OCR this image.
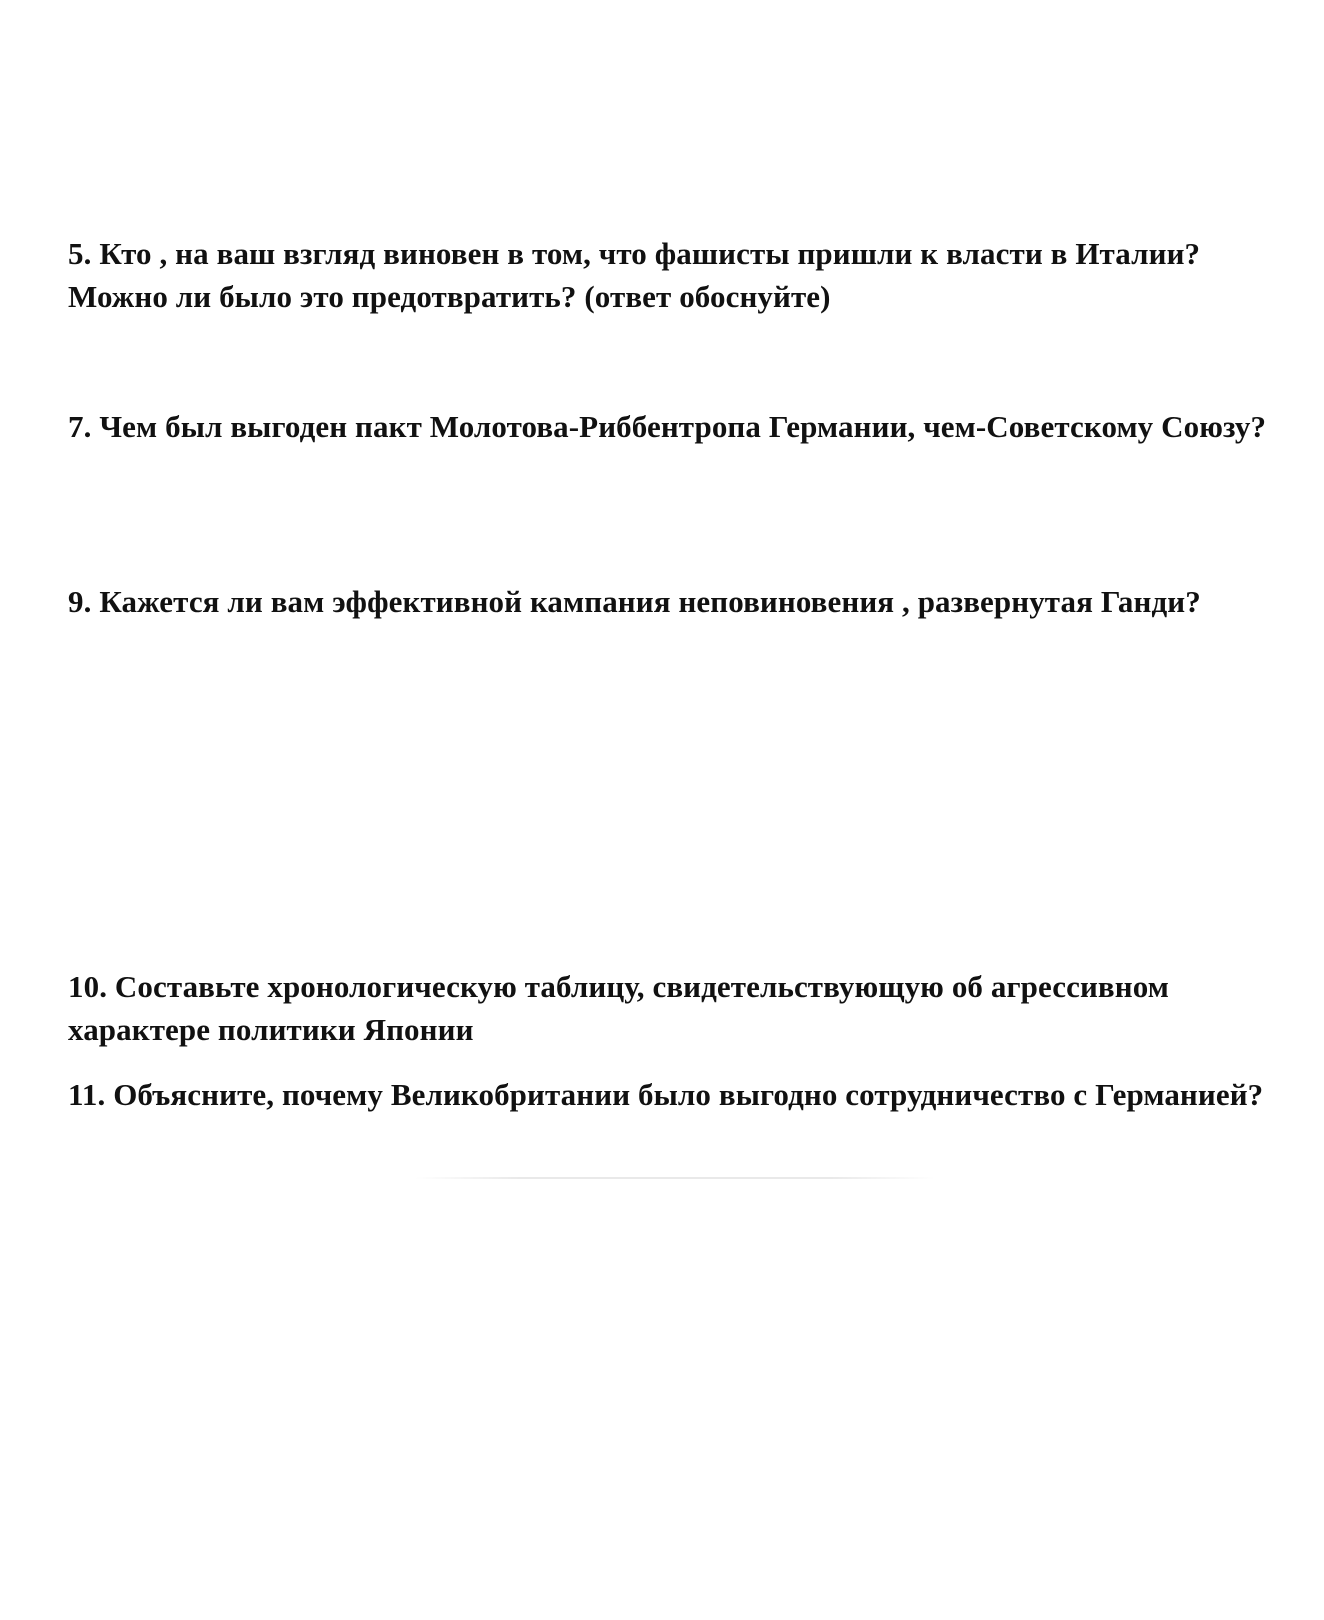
5. Кто , на ваш взгляд виновен в том, что фашисты пришли к власти в Италии? Можно ли было это предотвратить? (ответ обоснуйте)

7. Чем был выгоден пакт Молотова-Риббентропа Германии, чем-Советскому Союзу?

9. Кажется ли вам эффективной кампания неповиновения , развернутая Ганди?

10. Составьте хронологическую таблицу, свидетельствующую об агрессивном характере политики Японии

11. Объясните, почему Великобритании было выгодно сотрудничество с Германией?
